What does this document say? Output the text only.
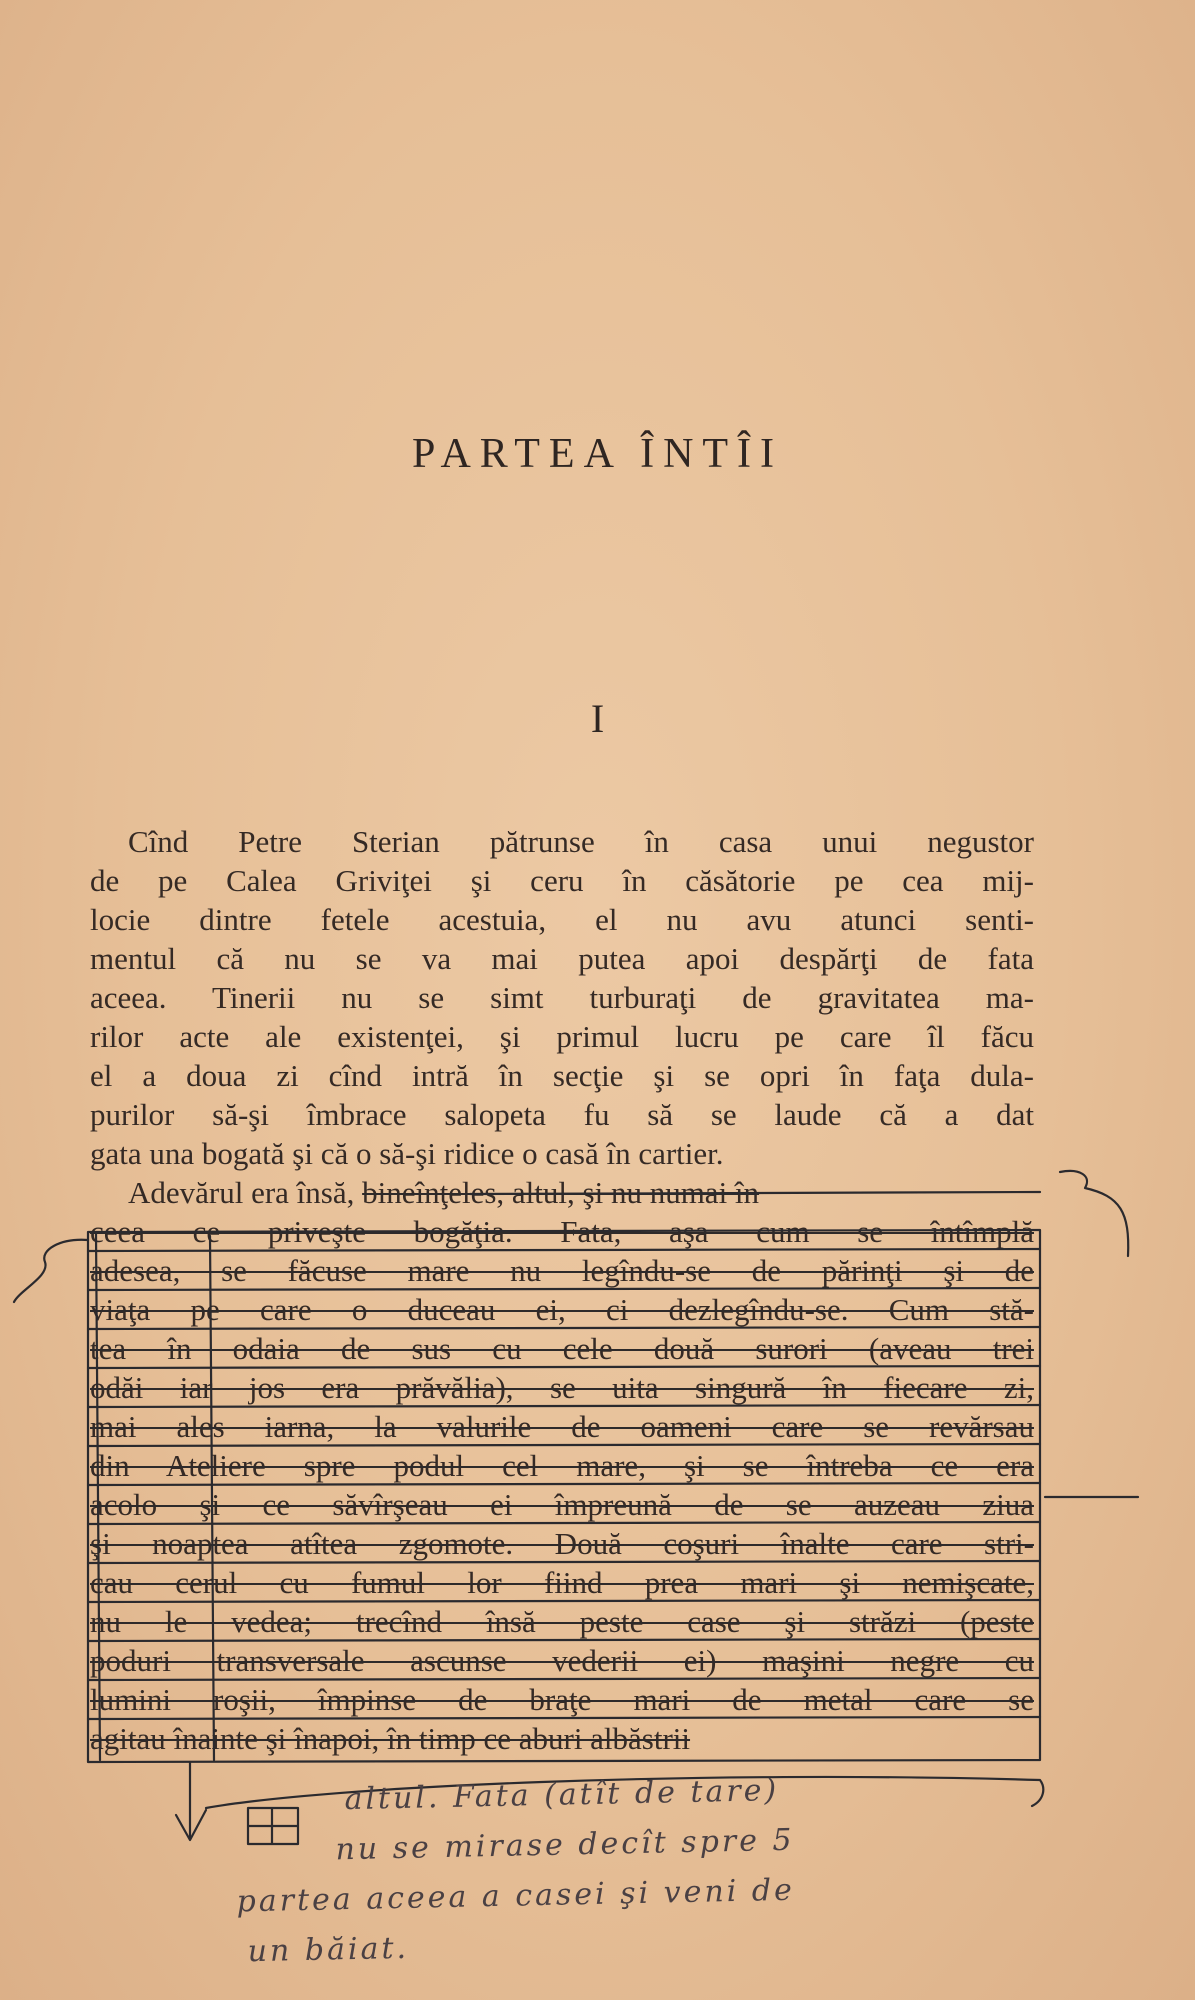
PARTEA ÎNTÎI
I
Cînd Petre Sterian pătrunse în casa unui negustor
de pe Calea Griviţei şi ceru în căsătorie pe cea mij-
locie dintre fetele acestuia, el nu avu atunci senti-
mentul că nu se va mai putea apoi despărţi de fata
aceea. Tinerii nu se simt turburaţi de gravitatea ma-
rilor acte ale existenţei, şi primul lucru pe care îl făcu
el a doua zi cînd intră în secţie şi se opri în faţa dula-
purilor să-şi îmbrace salopeta fu să se laude că a dat
gata una bogată şi că o să-şi ridice o casă în cartier.
Adevărul era însă, bineînţeles, altul, şi nu numai în
ceea ce priveşte bogăţia. Fata, aşa cum se întîmplă
adesea, se făcuse mare nu legîndu-se de părinţi şi de
viaţa pe care o duceau ei, ci dezlegîndu-se. Cum stă-
tea în odaia de sus cu cele două surori (aveau trei
odăi iar jos era prăvălia), se uita singură în fiecare zi,
mai ales iarna, la valurile de oameni care se revărsau
din Ateliere spre podul cel mare, şi se întreba ce era
acolo şi ce săvîrşeau ei împreună de se auzeau ziua
şi noaptea atîtea zgomote. Două coşuri înalte care stri-
cau cerul cu fumul lor fiind prea mari şi nemişcate,
nu le vedea; trecînd însă peste case şi străzi (peste
poduri transversale ascunse vederii ei) maşini negre cu
lumini roşii, împinse de braţe mari de metal care se
agitau înainte şi înapoi, în timp ce aburi albăstrii
altul. Fata (atît de tare)
nu se mirase decît spre 5
partea aceea a casei şi veni de
un băiat.
